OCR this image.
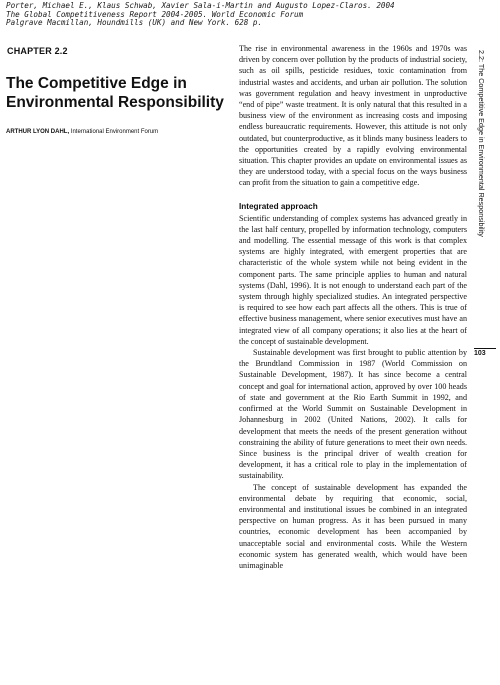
Porter, Michael E., Klaus Schwab, Xavier Sala-i-Martin and Augusto Lopez-Claros. 2004
The Global Competitiveness Report 2004-2005. World Economic Forum
Palgrave Macmillan, Houndmills (UK) and New York. 628 p.
CHAPTER 2.2
The Competitive Edge in Environmental Responsibility
ARTHUR LYON DAHL, International Environment Forum

The rise in environmental awareness in the 1960s and 1970s was driven by concern over pollution by the products of industrial society, such as oil spills, pesticide residues, toxic contamination from industrial wastes and accidents, and urban air pollution. The solution was government regulation and heavy investment in unproductive “end of pipe” waste treatment. It is only natural that this resulted in a business view of the environment as increasing costs and imposing endless bureaucratic requirements. However, this attitude is not only outdated, but counterproductive, as it blinds many business leaders to the opportunities created by a rapidly evolving environmental situation. This chapter provides an update on environmental issues as they are understood today, with a special focus on the ways business can profit from the situation to gain a competitive edge.

Integrated approach

Scientific understanding of complex systems has advanced greatly in the last half century, propelled by information technology, computers and modelling. The essential message of this work is that complex systems are highly integrated, with emergent properties that are characteristic of the whole system while not being evident in the component parts. The same principle applies to human and natural systems (Dahl, 1996). It is not enough to understand each part of the system through highly specialized studies. An integrated perspective is required to see how each part affects all the others. This is true of effective business management, where senior executives must have an integrated view of all company operations; it also lies at the heart of the concept of sustainable development.

Sustainable development was first brought to public attention by the Brundtland Commission in 1987 (World Commission on Sustainable Development, 1987). It has since become a central concept and goal for international action, approved by over 100 heads of state and government at the Rio Earth Summit in 1992, and confirmed at the World Summit on Sustainable Development in Johannesburg in 2002 (United Nations, 2002). It calls for development that meets the needs of the present generation without constraining the ability of future generations to meet their own needs. Since business is the principal driver of wealth creation for development, it has a critical role to play in the implementation of sustainability.

The concept of sustainable development has expanded the environmental debate by requiring that economic, social, environmental and institutional issues be combined in an integrated perspective on human progress. As it has been pursued in many countries, economic development has been accompanied by unacceptable social and environmental costs. While the Western economic system has generated wealth, which would have been unimaginable

2.2: The Competitive Edge in Environmental Responsibility
103
